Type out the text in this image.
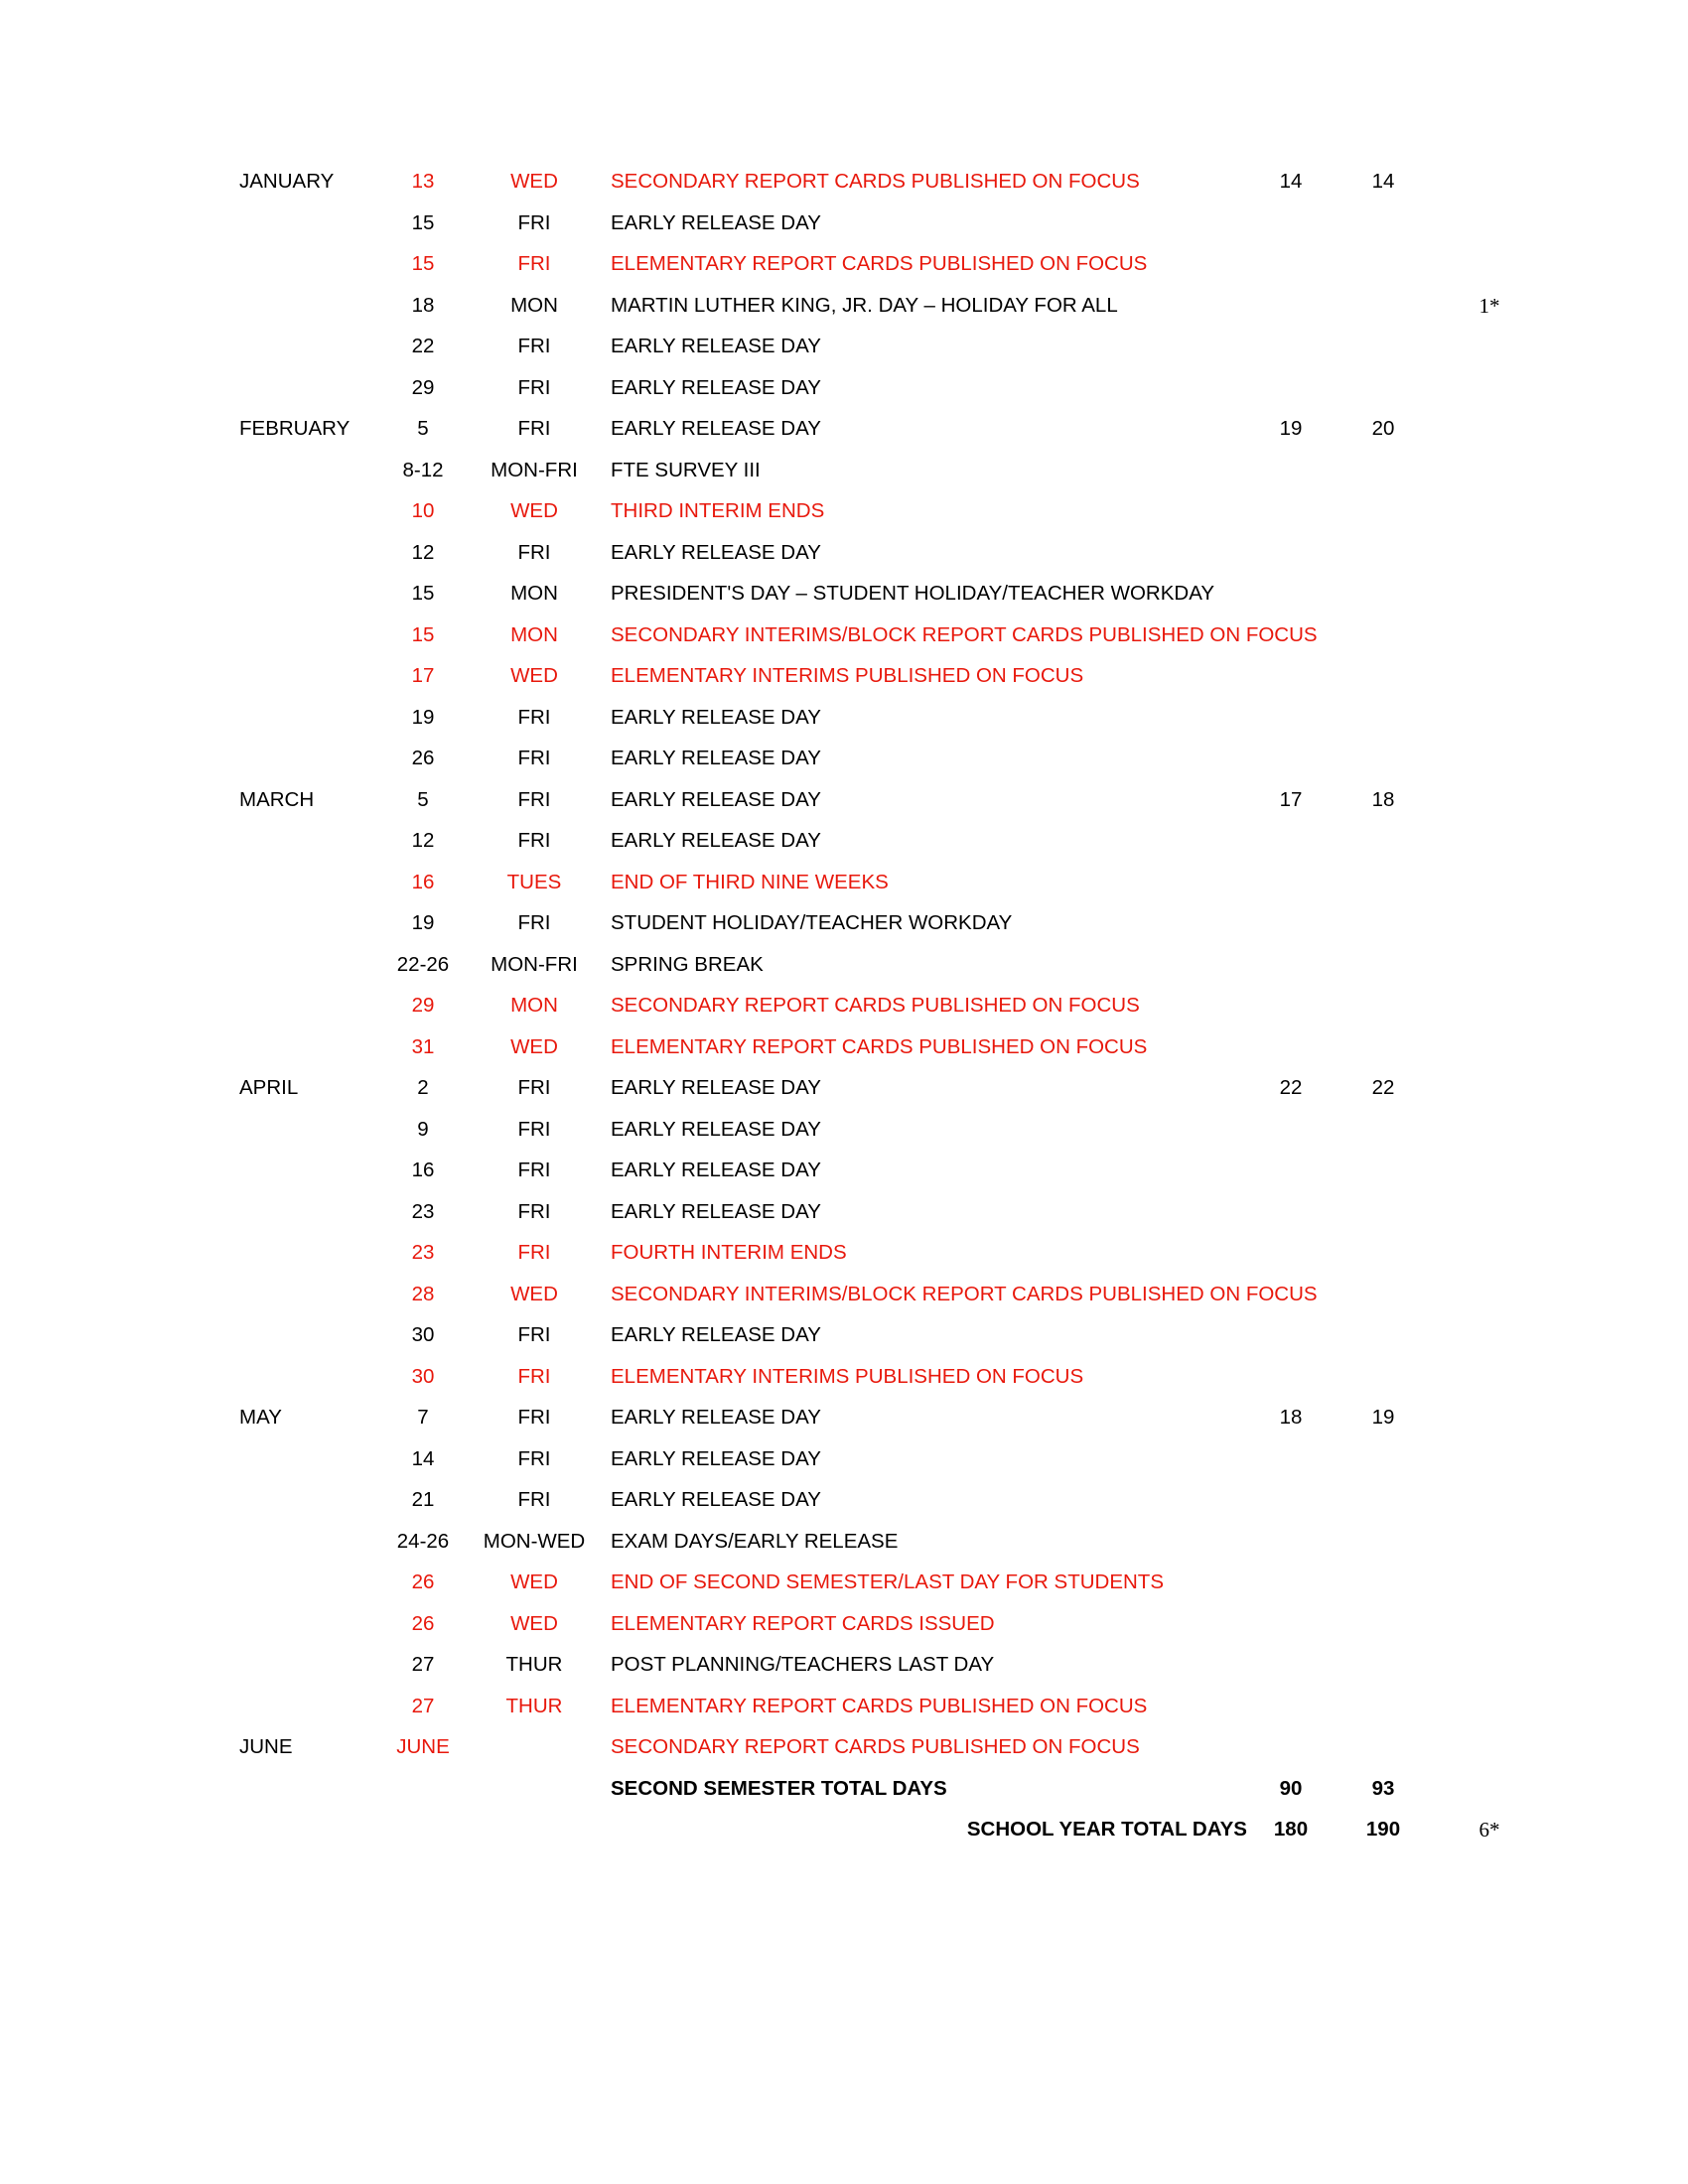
JANUARY	13	WED	SECONDARY REPORT CARDS PUBLISHED ON FOCUS	14	14
15	FRI	EARLY RELEASE DAY
15	FRI	ELEMENTARY REPORT CARDS PUBLISHED ON FOCUS
18	MON	MARTIN LUTHER KING, JR. DAY – HOLIDAY FOR ALL	1*
22	FRI	EARLY RELEASE DAY
29	FRI	EARLY RELEASE DAY
FEBRUARY	5	FRI	EARLY RELEASE DAY	19	20
8-12	MON-FRI	FTE SURVEY III
10	WED	THIRD INTERIM ENDS
12	FRI	EARLY RELEASE DAY
15	MON	PRESIDENT'S DAY – STUDENT HOLIDAY/TEACHER WORKDAY
15	MON	SECONDARY INTERIMS/BLOCK REPORT CARDS PUBLISHED ON FOCUS
17	WED	ELEMENTARY INTERIMS PUBLISHED ON FOCUS
19	FRI	EARLY RELEASE DAY
26	FRI	EARLY RELEASE DAY
MARCH	5	FRI	EARLY RELEASE DAY	17	18
12	FRI	EARLY RELEASE DAY
16	TUES	END OF THIRD NINE WEEKS
19	FRI	STUDENT HOLIDAY/TEACHER WORKDAY
22-26	MON-FRI	SPRING BREAK
29	MON	SECONDARY REPORT CARDS PUBLISHED ON FOCUS
31	WED	ELEMENTARY REPORT CARDS PUBLISHED ON FOCUS
APRIL	2	FRI	EARLY RELEASE DAY	22	22
9	FRI	EARLY RELEASE DAY
16	FRI	EARLY RELEASE DAY
23	FRI	EARLY RELEASE DAY
23	FRI	FOURTH INTERIM ENDS
28	WED	SECONDARY INTERIMS/BLOCK REPORT CARDS PUBLISHED ON FOCUS
30	FRI	EARLY RELEASE DAY
30	FRI	ELEMENTARY INTERIMS PUBLISHED ON FOCUS
MAY	7	FRI	EARLY RELEASE DAY	18	19
14	FRI	EARLY RELEASE DAY
21	FRI	EARLY RELEASE DAY
24-26	MON-WED	EXAM DAYS/EARLY RELEASE
26	WED	END OF SECOND SEMESTER/LAST DAY FOR STUDENTS
26	WED	ELEMENTARY REPORT CARDS ISSUED
27	THUR	POST PLANNING/TEACHERS LAST DAY
27	THUR	ELEMENTARY REPORT CARDS PUBLISHED ON FOCUS
JUNE	JUNE	SECONDARY REPORT CARDS PUBLISHED ON FOCUS
SECOND SEMESTER TOTAL DAYS	90	93
SCHOOL YEAR TOTAL DAYS	180	190	6*
